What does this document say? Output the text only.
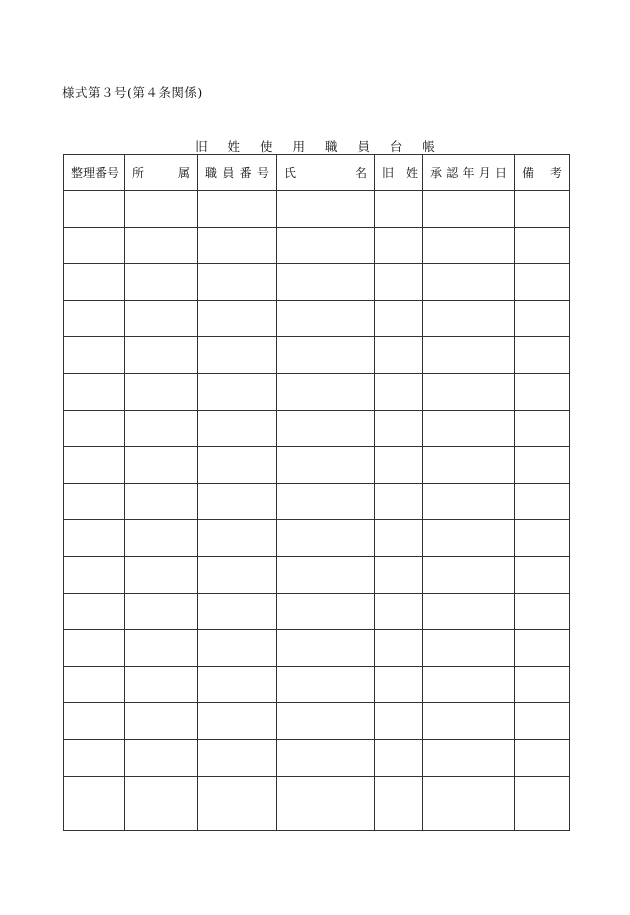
様式第３号(第４条関係)
旧 姓 使 用 職 員 台 帳
整理番号	所　属	職員番号	氏　　名	旧　姓	承認年月日	備　考
